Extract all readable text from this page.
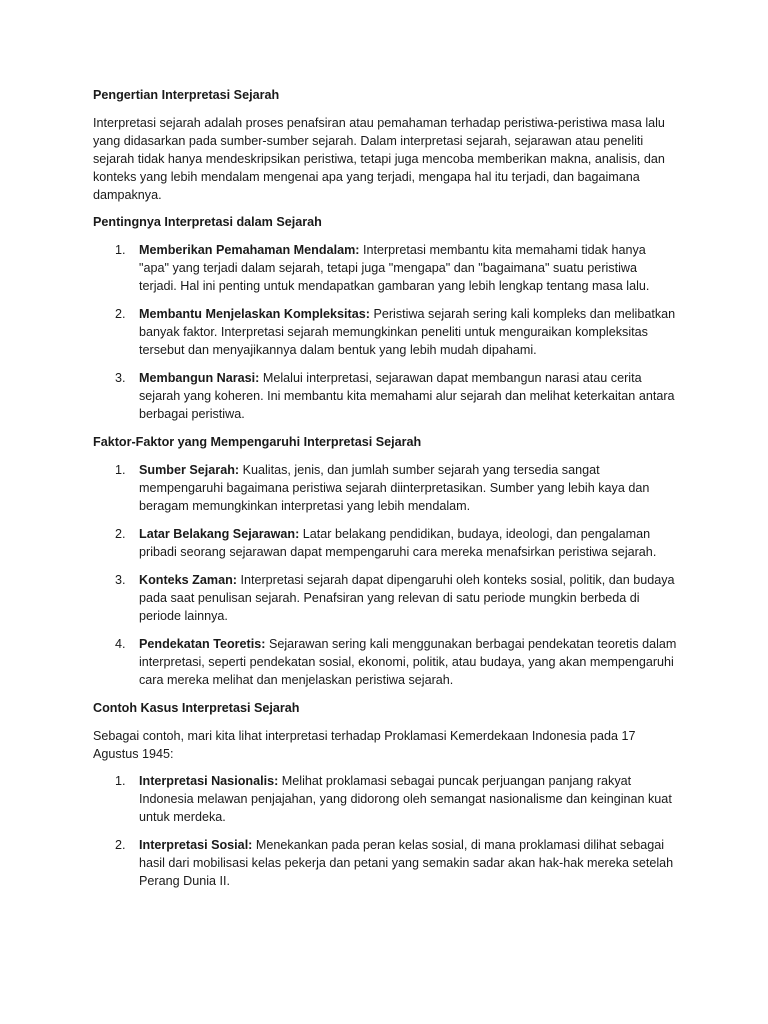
Pengertian Interpretasi Sejarah

Interpretasi sejarah adalah proses penafsiran atau pemahaman terhadap peristiwa-peristiwa masa lalu yang didasarkan pada sumber-sumber sejarah. Dalam interpretasi sejarah, sejarawan atau peneliti sejarah tidak hanya mendeskripsikan peristiwa, tetapi juga mencoba memberikan makna, analisis, dan konteks yang lebih mendalam mengenai apa yang terjadi, mengapa hal itu terjadi, dan bagaimana dampaknya.

Pentingnya Interpretasi dalam Sejarah
1. Memberikan Pemahaman Mendalam: Interpretasi membantu kita memahami tidak hanya "apa" yang terjadi dalam sejarah, tetapi juga "mengapa" dan "bagaimana" suatu peristiwa terjadi. Hal ini penting untuk mendapatkan gambaran yang lebih lengkap tentang masa lalu.
2. Membantu Menjelaskan Kompleksitas: Peristiwa sejarah sering kali kompleks dan melibatkan banyak faktor. Interpretasi sejarah memungkinkan peneliti untuk menguraikan kompleksitas tersebut dan menyajikannya dalam bentuk yang lebih mudah dipahami.
3. Membangun Narasi: Melalui interpretasi, sejarawan dapat membangun narasi atau cerita sejarah yang koheren. Ini membantu kita memahami alur sejarah dan melihat keterkaitan antara berbagai peristiwa.
Faktor-Faktor yang Mempengaruhi Interpretasi Sejarah
1. Sumber Sejarah: Kualitas, jenis, dan jumlah sumber sejarah yang tersedia sangat mempengaruhi bagaimana peristiwa sejarah diinterpretasikan. Sumber yang lebih kaya dan beragam memungkinkan interpretasi yang lebih mendalam.
2. Latar Belakang Sejarawan: Latar belakang pendidikan, budaya, ideologi, dan pengalaman pribadi seorang sejarawan dapat mempengaruhi cara mereka menafsirkan peristiwa sejarah.
3. Konteks Zaman: Interpretasi sejarah dapat dipengaruhi oleh konteks sosial, politik, dan budaya pada saat penulisan sejarah. Penafsiran yang relevan di satu periode mungkin berbeda di periode lainnya.
4. Pendekatan Teoretis: Sejarawan sering kali menggunakan berbagai pendekatan teoretis dalam interpretasi, seperti pendekatan sosial, ekonomi, politik, atau budaya, yang akan mempengaruhi cara mereka melihat dan menjelaskan peristiwa sejarah.
Contoh Kasus Interpretasi Sejarah

Sebagai contoh, mari kita lihat interpretasi terhadap Proklamasi Kemerdekaan Indonesia pada 17 Agustus 1945:

1. Interpretasi Nasionalis: Melihat proklamasi sebagai puncak perjuangan panjang rakyat Indonesia melawan penjajahan, yang didorong oleh semangat nasionalisme dan keinginan kuat untuk merdeka.
2. Interpretasi Sosial: Menekankan pada peran kelas sosial, di mana proklamasi dilihat sebagai hasil dari mobilisasi kelas pekerja dan petani yang semakin sadar akan hak-hak mereka setelah Perang Dunia II.
